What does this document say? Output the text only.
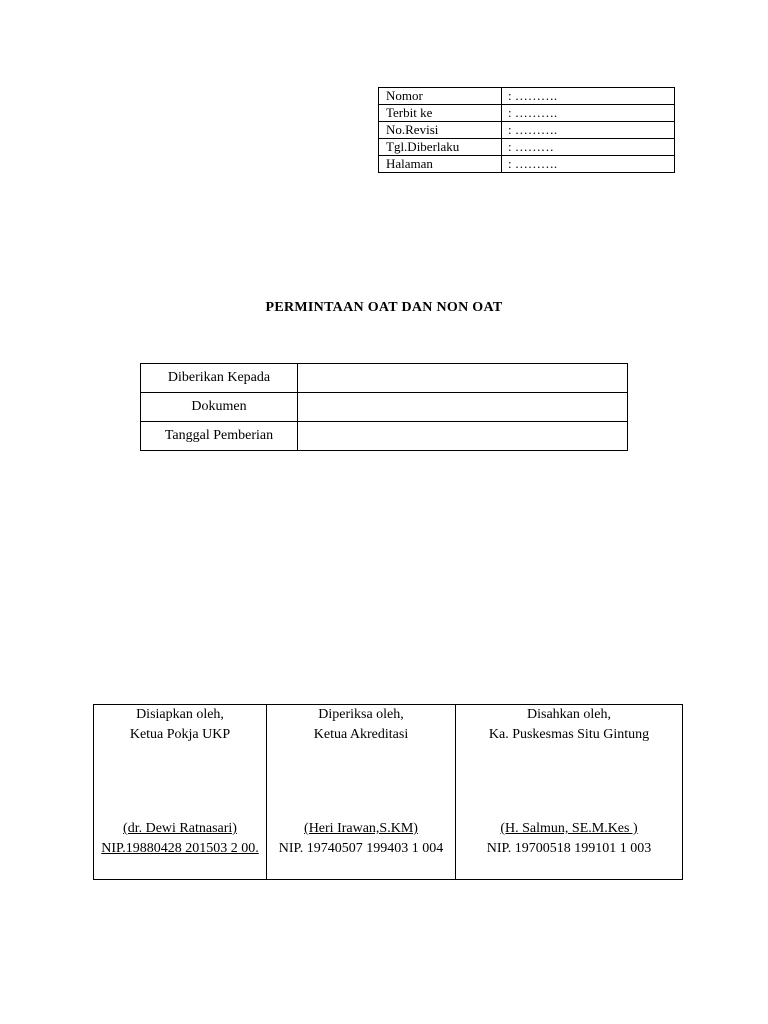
Nomor	: ……….
Terbit ke	: ……….
No.Revisi	: ……….
Tgl.Diberlaku	: ………
Halaman	: ……….
PERMINTAAN OAT DAN NON OAT
Diberikan Kepada	
Dokumen	
Tanggal Pemberian	
Disiapkan oleh,
Ketua Pokja UKP
(dr. Dewi Ratnasari)
NIP.19880428 201503 2 00.

Diperiksa oleh,
Ketua Akreditasi
(Heri Irawan,S.KM)
NIP. 19740507 199403 1 004

Disahkan oleh,
Ka. Puskesmas Situ Gintung
(H. Salmun, SE.M.Kes )
NIP. 19700518 199101 1 003
